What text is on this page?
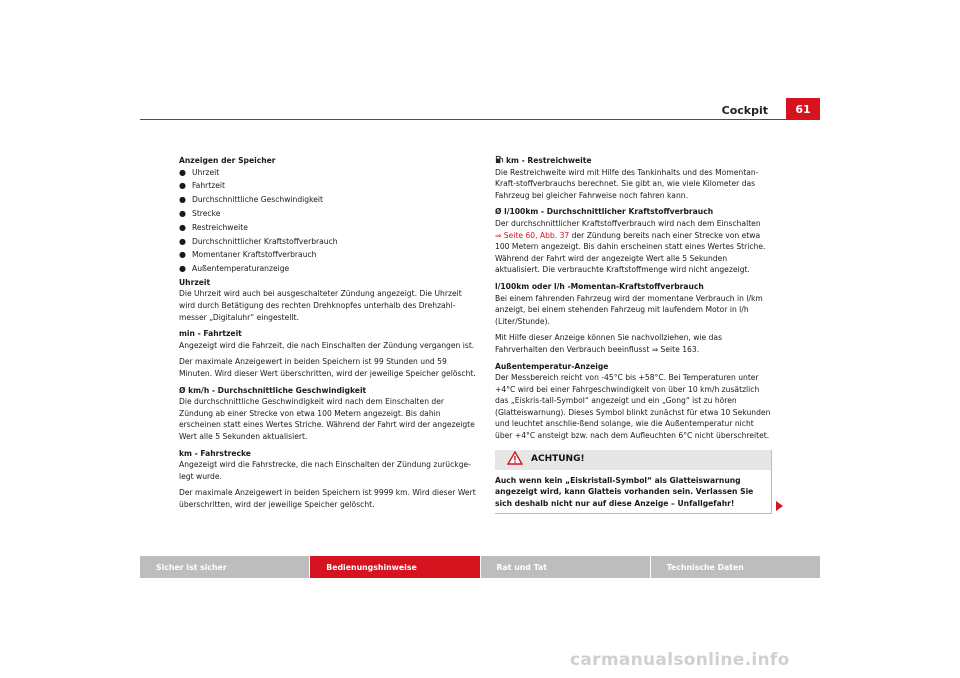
Cockpit	61

Anzeigen der Speicher

● Uhrzeit
● Fahrtzeit
● Durchschnittliche Geschwindigkeit
● Strecke
● Restreichweite
● Durchschnittlicher Kraftstoffverbrauch
● Momentaner Kraftstoffverbrauch
● Außentemperaturanzeige

Uhrzeit

Die Uhrzeit wird auch bei ausgeschalteter Zündung angezeigt. Die Uhrzeit wird durch Betätigung des rechten Drehknopfes unterhalb des Drehzahl-messer „Digitaluhr“ eingestellt.

min - Fahrtzeit

Angezeigt wird die Fahrzeit, die nach Einschalten der Zündung vergangen ist.

Der maximale Anzeigewert in beiden Speichern ist 99 Stunden und 59 Minuten. Wird dieser Wert überschritten, wird der jeweilige Speicher gelöscht.

Ø km/h - Durchschnittliche Geschwindigkeit

Die durchschnittliche Geschwindigkeit wird nach dem Einschalten der Zündung ab einer Strecke von etwa 100 Metern angezeigt. Bis dahin erscheinen statt eines Wertes Striche. Während der Fahrt wird der angezeigte Wert alle 5 Sekunden aktualisiert.

km - Fahrstrecke

Angezeigt wird die Fahrstrecke, die nach Einschalten der Zündung zurückge-legt wurde.

Der maximale Anzeigewert in beiden Speichern ist 9999 km. Wird dieser Wert überschritten, wird der jeweilige Speicher gelöscht.

km - Restreichweite

Die Restreichweite wird mit Hilfe des Tankinhalts und des Momentan-Kraft-stoffverbrauchs berechnet. Sie gibt an, wie viele Kilometer das Fahrzeug bei gleicher Fahrweise noch fahren kann.

Ø l/100km - Durchschnittlicher Kraftstoffverbrauch

Der durchschnittlicher Kraftstoffverbrauch wird nach dem Einschalten
⇒ Seite 60, Abb. 37 der Zündung bereits nach einer Strecke von etwa 100 Metern angezeigt. Bis dahin erscheinen statt eines Wertes Striche. Während der Fahrt wird der angezeigte Wert alle 5 Sekunden aktualisiert. Die verbrauchte Kraftstoffmenge wird nicht angezeigt.

l/100km oder l/h -Momentan-Kraftstoffverbrauch

Bei einem fahrenden Fahrzeug wird der momentane Verbrauch in l/km anzeigt, bei einem stehenden Fahrzeug mit laufendem Motor in l/h (Liter/Stunde).

Mit Hilfe dieser Anzeige können Sie nachvollziehen, wie das Fahrverhalten den Verbrauch beeinflusst ⇒ Seite 163.

Außentemperatur-Anzeige

Der Messbereich reicht von -45°C bis +58°C. Bei Temperaturen unter +4°C wird bei einer Fahrgeschwindigkeit von über 10 km/h zusätzlich das „Eiskris-tall-Symbol“ angezeigt und ein „Gong“ ist zu hören (Glatteiswarnung). Dieses Symbol blinkt zunächst für etwa 10 Sekunden und leuchtet anschlie-ßend solange, wie die Außentemperatur nicht über +4°C ansteigt bzw. nach dem Aufleuchten 6°C nicht überschreitet.

ACHTUNG!
Auch wenn kein „Eiskristall-Symbol“ als Glatteiswarnung angezeigt wird, kann Glatteis vorhanden sein. Verlassen Sie sich deshalb nicht nur auf diese Anzeige – Unfallgefahr!
Sicher ist sicher	Bedienungshinweise	Rat und Tat	Technische Daten
carmanualsonline.info
